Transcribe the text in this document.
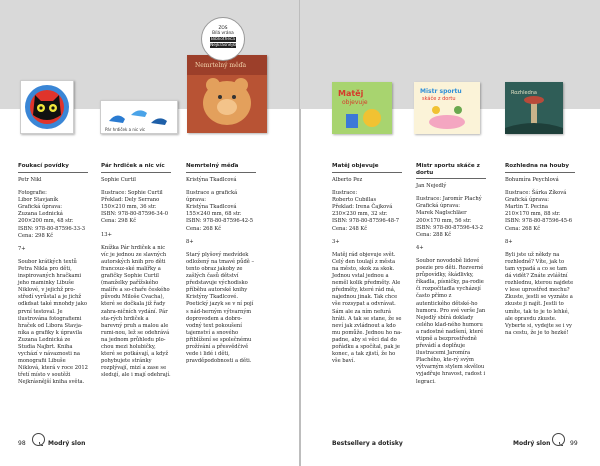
Pár hrdiček a nic víc
Nemrtelný měďa
ZOS
Bílá vrána
Bibliotheca
Nejkrásnější
Foukací povídky
Petr Nikl

Fotografie:
Libor Stavjaník
Grafická úprava:
Zuzana Lednická
200×200 mm, 48 str.
ISBN: 978-80-87596-33-3
Cena: 298 Kč

7+

Soubor krátkých textů Petra Nikla pro děti, inspirovaných hračkami jeho maminky Libuše Niklové, v jejichž pro-středí vyrůstal a je jichž odkdsat také mnohdy jako první testoval. Je ilustrována fotografiemi hraček od Libora Stavja-níka a grafiky k úpravila Zuzana Lednická ze Studia Najbrt. Kniha vychází v návaznosti na monografii Libuše Niklová, která v roce 2012 třetí místo v soutěži Nejkrásnější kniha světa.

Pár hrdiček a nic víc
Sophie Curtil

Ilustrace: Sophie Curtil
Překlad: Dely Serrano
150×210 mm, 36 str.
ISBN: 978-80-87596-34-0
Cena: 298 Kč

13+

Knížka Pár hrdiček a nic víc je jednou ze slavných autorských knih pro děti francouz-ské malířky a grafičky Sophie Curtil (manželky pařížského malíře a so-chaře českého původu Miloše Cvacha), které se dočkala již řady zahra-ničních vydání. Pár sta-rých hrdiček a barevný pruh a malou ale rumi-nou, lež se odehrává na jednom průhledu plo-chou mezi holubičky, které se potkávají, a když pohybujete stránky rozplývají, mizí a zase se sledují, ale i mají odehrají.

Nemrtelný měďa
Kristýna Tkadlcová

Ilustrace a grafická úprava:
Kristýna Tkadlcová
155×240 mm, 68 str.
ISBN: 978-80-87596-42-5
Cena: 268 Kč

8+

Starý plyšový medvídek odložený na tmavé půdě – tento obraz jakoby ze zašlých časů dětství představuje východisko příběhu autorské knihy Kristýny Tkadlcové. Poetický jazyk se v ní pojí s nád-herným výtvarným doprovodem a dobro-vodný text pokoušení tajemství a snového přiblížení se společnému prožívání a přesvědčivě vede i lidé i děti, pravděpodobnosti a děti.

98	Modrý slon
Matěj
objevuje
Mistr sportu
skáče z dortu
Rozhledna
Matěj objevuje
Alberto Pez

Ilustrace:
Roberto Cubillas
Překlad: Irena Čajková
230×230 mm, 32 str.
ISBN: 978-80-87596-48-7
Cena: 248 Kč

3+

Matěj rád objevuje svět. Celý den toulají z města na město, skok za skok. Jednou vstal jednou a neměl kolik předměty. Ale předměty, které rád má, najednou jinak. Tak chce vše rozsypat a odvrávat. Sám ale za ním nefurá hráti. A tak se stane, že se neví jak zvládnout a kdo mu pomůže. Jednou ho na-padne, aby si věci dal do pořádku a spočítal, pak je konec, a tak zjistí, že ho vše baví.

Mistr sportu skáče z dortu
Jan Nejedlý

Ilustrace: Jaromír Plachý
Grafická úprava:
Marek Naglschläer
200×170 mm, 56 str.
ISBN: 978-80-87596-43-2
Cena: 288 Kč

4+

Soubor novodobě lidové poezie pro děti. Rozverné průpovídky, škádlivky, říkadla, písničky, pa-rodie či rozpočitadla vycházejí často přímo z autentického dětské-ho humoru. Pro své verše Jan Nejedlý sbírá doklady celého klad-ného humoru a radostné nadšení, které vtipně a bezprostředně převádí a doplňuje ilustracemi Jaromíra Plachého, kte-rý svým výtvarným stylem skvělou vyjadřuje hravost, radost i legraci.

Rozhledna na houby
Bohumíra Peychlová

Ilustrace: Šárka Zíková
Grafická úprava:
Martin T. Pecina
210×170 mm, 88 str.
ISBN: 978-80-87596-45-6
Cena: 268 Kč

8+

Byli jste už někdy na rozhledně? Víte, jak to tam vypadá a co se tam dá vidět? Znáte zvláštní rozhlednu, kterou najdete v lese uprostřed mechu? Zkuste, jestli se vyznáte a zkuste ji najít. Jestli to umíte, tak to je to lehké, ale opravdu zkuste. Vyberte si, vydejte se i vy na cestu, že je to hezké!

Bestsellery a dotisky	Modrý slon	99
